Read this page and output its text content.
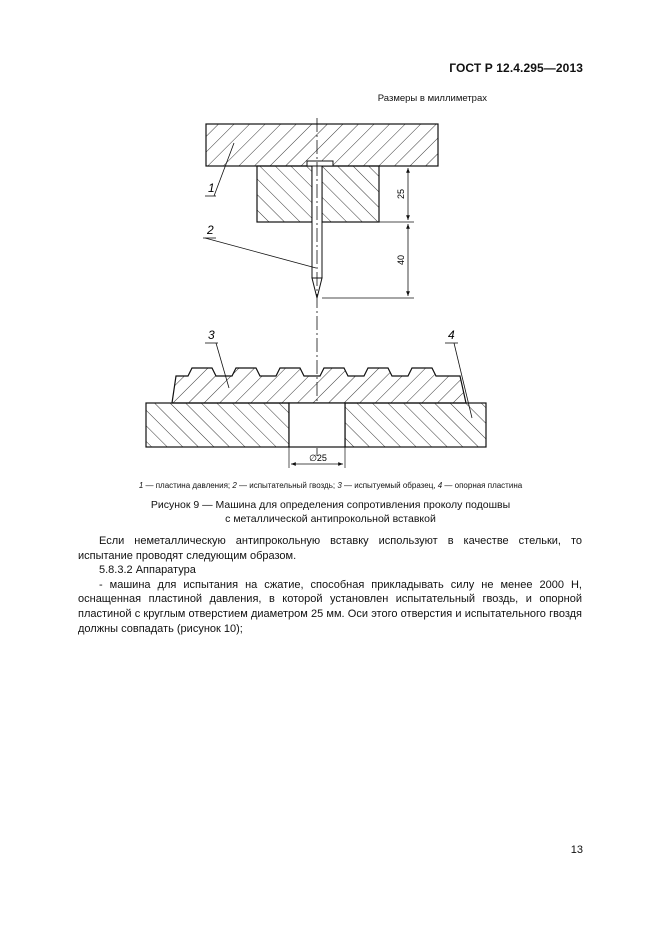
ГОСТ Р 12.4.295—2013
Размеры в миллиметрах
25
40
∅25
1
2
3	4
1 — пластина давления; 2 — испытательный гвоздь; 3 — испытуемый образец, 4 — опорная пластина
Рисунок 9 — Машина для определения сопротивления проколу подошвы
с металлической антипрокольной вставкой

Если неметаллическую антипрокольную вставку используют в качестве стельки, то испытание проводят следующим образом.

5.8.3.2 Аппаратура

- машина для испытания на сжатие, способная прикладывать силу не менее 2000 Н, оснащенная пластиной давления, в которой установлен испытательный гвоздь, и опорной пластиной с круглым отверстием диаметром 25 мм. Оси этого отверстия и испытательного гвоздя должны совпадать (рисунок 10);

13
